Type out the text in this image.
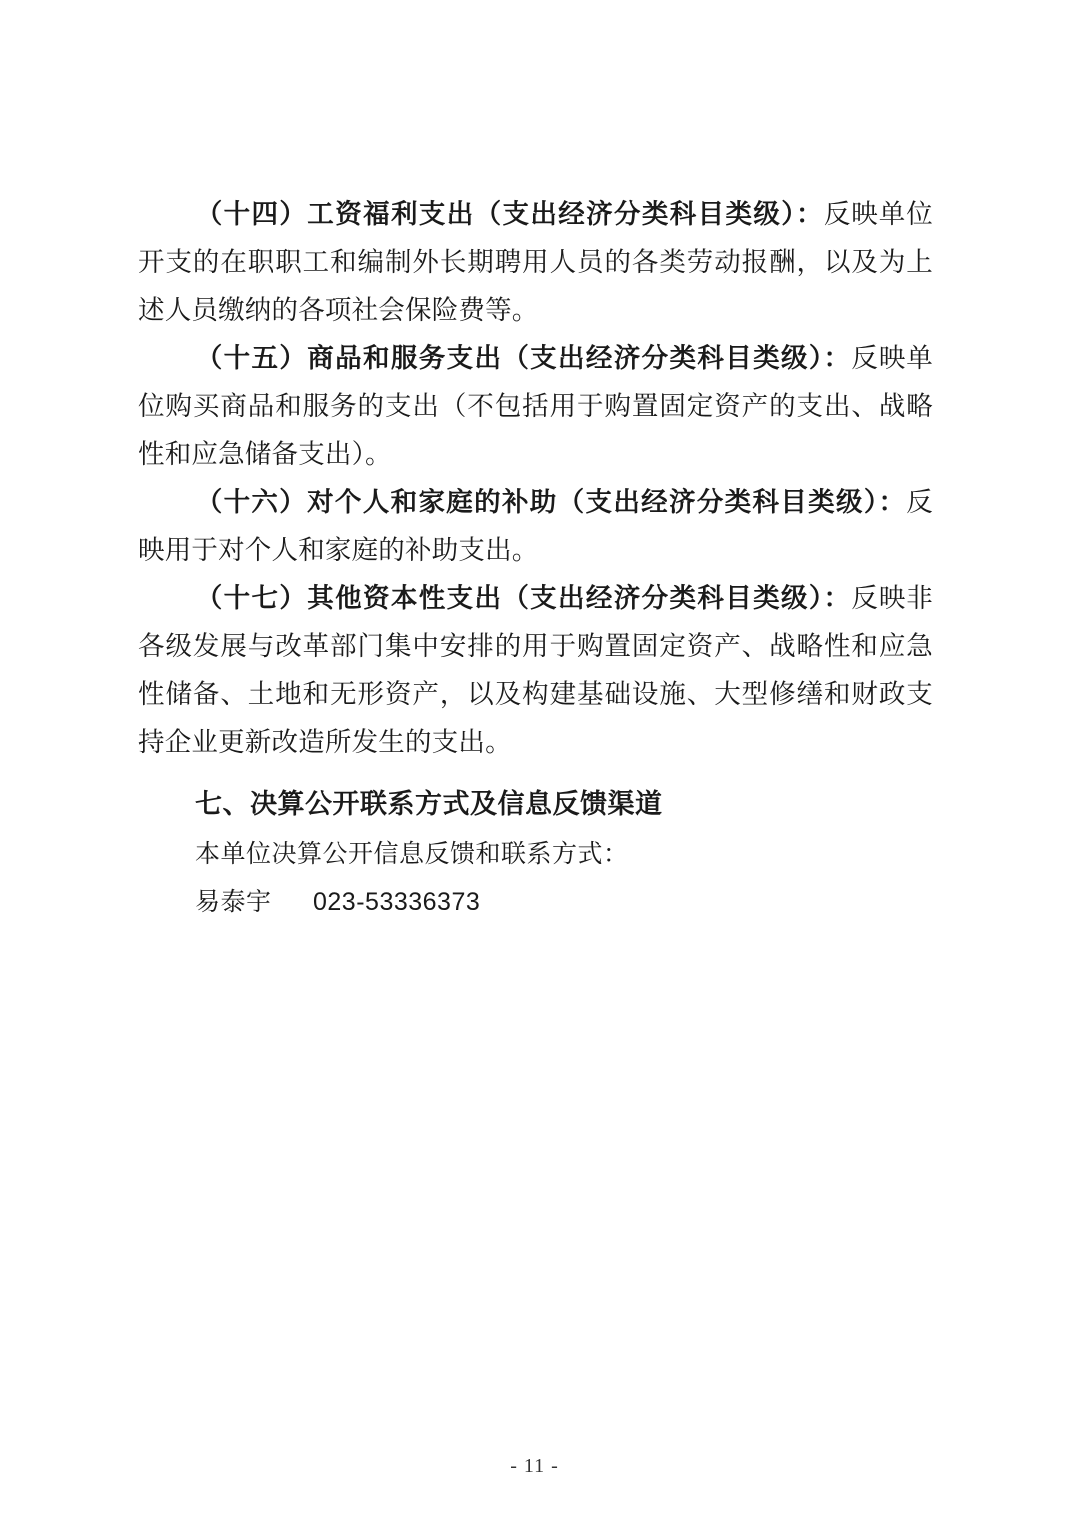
（十四）工资福利支出（支出经济分类科目类级）：反映单位开支的在职职工和编制外长期聘用人员的各类劳动报酬，以及为上述人员缴纳的各项社会保险费等。

（十五）商品和服务支出（支出经济分类科目类级）：反映单位购买商品和服务的支出（不包括用于购置固定资产的支出、战略性和应急储备支出）。

（十六）对个人和家庭的补助（支出经济分类科目类级）：反映用于对个人和家庭的补助支出。

（十七）其他资本性支出（支出经济分类科目类级）：反映非各级发展与改革部门集中安排的用于购置固定资产、战略性和应急性储备、土地和无形资产，以及构建基础设施、大型修缮和财政支持企业更新改造所发生的支出。

七、决算公开联系方式及信息反馈渠道

本单位决算公开信息反馈和联系方式：

易泰宇 023-53336373

- 11 -
